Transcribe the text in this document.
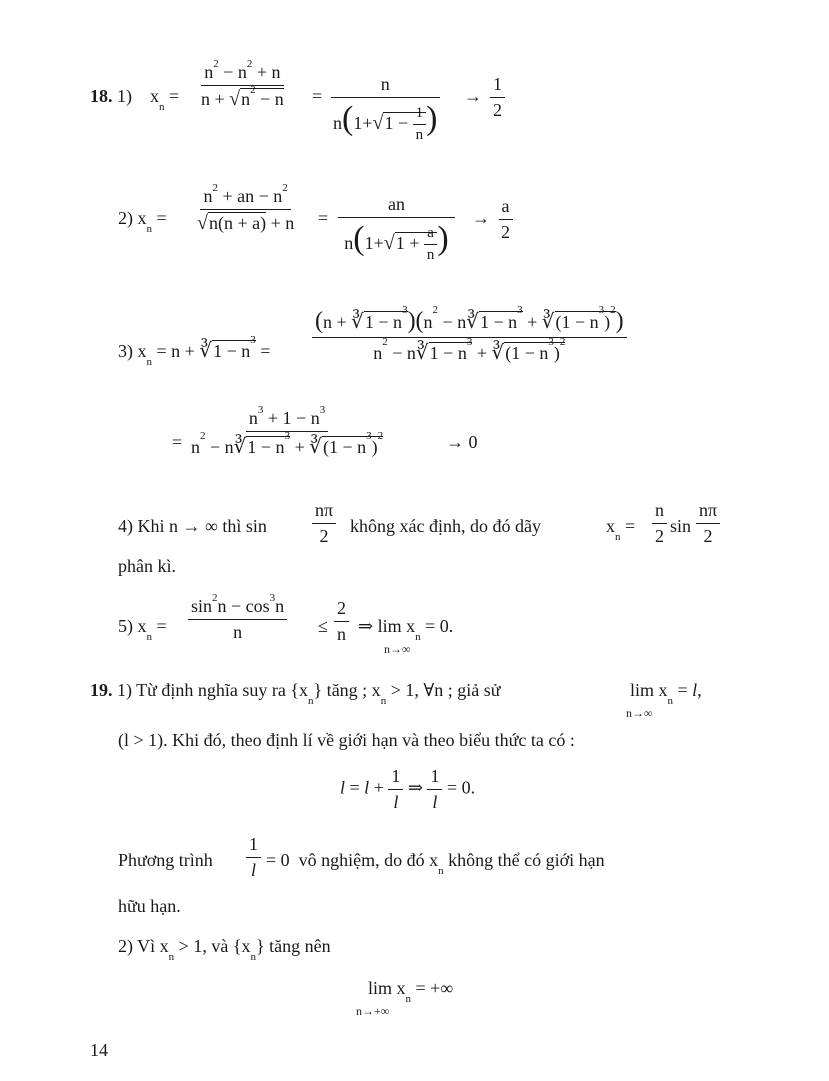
18. 1) $x_n = \frac{n^2 - n^2 + n}{n + √n^2 - n} = \frac{n}{n(1+√1 - \frac{1}{n} )} \to \frac{1}{2}$
2) $x_n = \frac{n^2 + an - n^2}{√n(n + a) + n} = \frac{an}{n(1+√1 + \frac{a}{n} )} \to \frac{a}{2}$
3) $x_n = n$ + ∛1 − $n^3 = \frac{(n + ∛1 - n^3)(n^2 - n∛1 - n^3 + ∛(1 - n^3)^2)}{n^2 - n∛1 - n^3 + ∛(1 - n^3)^2}$
= $\frac{n^3 + 1 - n^3}{n^2 - n∛1 - n^3 + ∛(1 - n^3)^2}$	→ 0
4) Khi n → ∞ thì sin	$\frac{n\pi}{2}$ không xác định, do đó dãy	$x_n = \frac{n}{2}$ $\sin \frac{n\pi}{2}$
phân kì.
5) $x_n = \frac{\sin^2n - \cos^3n}{n} \le \frac{2}{n}$ ⇒ $\lim x_n = 0$.
n→∞
19. 1) Từ định nghĩa suy ra $\{x_n\}$ tăng ; $x_n > 1$, ∀n ; giả sử	$\lim x_n = l$,
n→∞
(l > 1). Khi đó, theo định lí về giới hạn và theo biểu thức ta có :
$l = l + \frac{1}{l}$ ⇒ $\frac{1}{l} = 0$.
Phương trình $\frac{1}{l} = 0$  vô nghiệm, do đó $x_n$ không thể có giới hạn
hữu hạn.
2) Vì $x_n > 1$, và $\{x_n\}$ tăng nên
$\lim x_n$ = +∞
n→+∞
14
